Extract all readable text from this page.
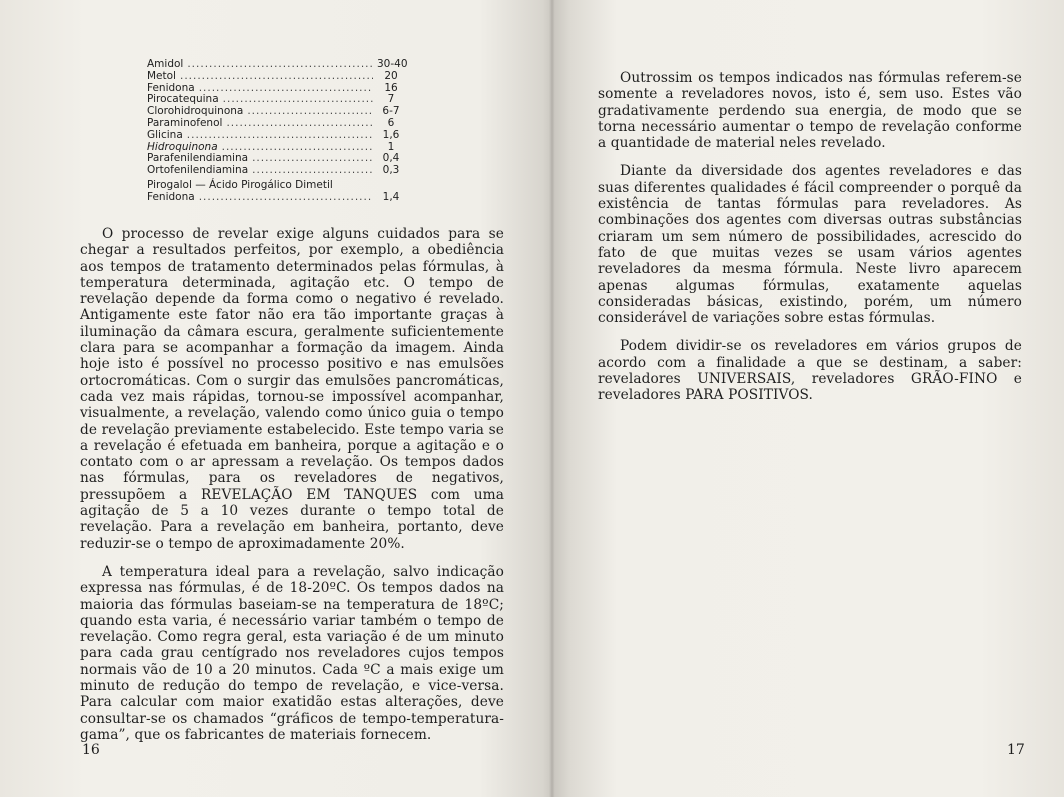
Amidol .....	30-40
Metol .....	20
Fenidona .....	16
Pirocatequina .....	7
Clorohidroquinona .....	6-7
Paraminofenol .....	6
Glicina .....	1,6
Hidroquinona .....	1
Parafenilendiamina .....	0,4
Ortofenilendiamina .....	0,3
Pirogalol — Ácido Pirogálico Dimetil
Fenidona .....	1,4

O processo de revelar exige alguns cuidados para se chegar a resultados perfeitos, por exemplo, a obediência aos tempos de tratamento determinados pelas fórmulas, à temperatura determinada, agitação etc. O tempo de revelação depende da forma como o negativo é revelado. Antigamente este fator não era tão importante graças à iluminação da câmara escura, geralmente suficientemente clara para se acompanhar a formação da imagem. Ainda hoje isto é possível no processo positivo e nas emulsões ortocromáticas. Com o surgir das emulsões pancromáticas, cada vez mais rápidas, tornou-se impossível acompanhar, visualmente, a revelação, valendo como único guia o tempo de revelação previamente estabelecido. Este tempo varia se a revelação é efetuada em banheira, porque a agitação e o contato com o ar apressam a revelação. Os tempos dados nas fórmulas, para os reveladores de negativos, pressupõem a REVELAÇÃO EM TANQUES com uma agitação de 5 a 10 vezes durante o tempo total de revelação. Para a revelação em banheira, portanto, deve reduzir-se o tempo de aproximadamente 20%.

A temperatura ideal para a revelação, salvo indicação expressa nas fórmulas, é de 18-20ºC. Os tempos dados na maioria das fórmulas baseiam-se na temperatura de 18ºC; quando esta varia, é necessário variar também o tempo de revelação. Como regra geral, esta variação é de um minuto para cada grau centígrado nos reveladores cujos tempos normais vão de 10 a 20 minutos. Cada ºC a mais exige um minuto de redução do tempo de revelação, e vice-versa. Para calcular com maior exatidão estas alterações, deve consultar-se os chamados “gráficos de tempo-temperatura-gama”, que os fabricantes de materiais fornecem.

16

Outrossim os tempos indicados nas fórmulas referem-se somente a reveladores novos, isto é, sem uso. Estes vão gradativamente perdendo sua energia, de modo que se torna necessário aumentar o tempo de revelação conforme a quantidade de material neles revelado.

Diante da diversidade dos agentes reveladores e das suas diferentes qualidades é fácil compreender o porquê da existência de tantas fórmulas para reveladores. As combinações dos agentes com diversas outras substâncias criaram um sem número de possibilidades, acrescido do fato de que muitas vezes se usam vários agentes reveladores da mesma fórmula. Neste livro aparecem apenas algumas fórmulas, exatamente aquelas consideradas básicas, existindo, porém, um número considerável de variações sobre estas fórmulas.

Podem dividir-se os reveladores em vários grupos de acordo com a finalidade a que se destinam, a saber: reveladores UNIVERSAIS, reveladores GRÃO-FINO e reveladores PARA POSITIVOS.

17
